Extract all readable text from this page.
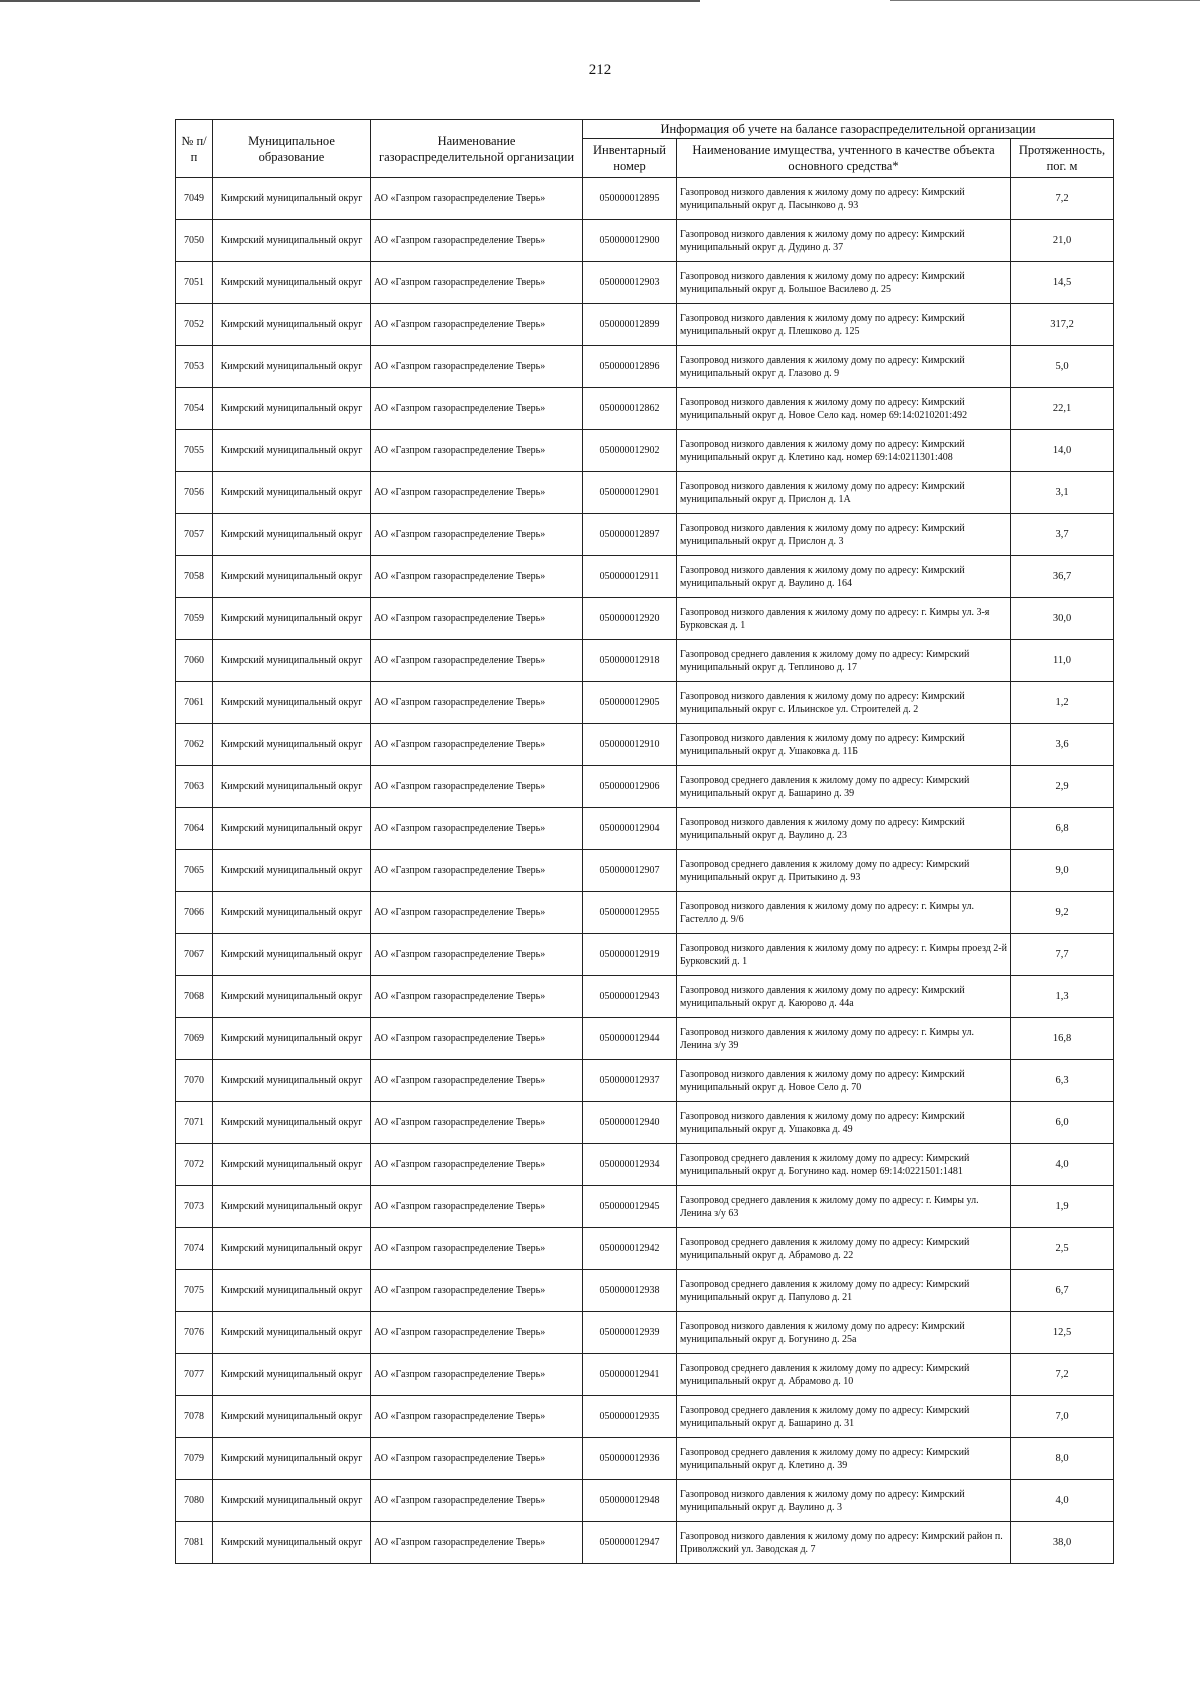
212
№ п/п	Муниципальное образование	Наименование газораспределительной организации	Информация об учете на балансе газораспределительной организации		
			Инвентарный номер	Наименование имущества, учтенного в качестве объекта основного средства*	Протяженность, пог. м
7049	Кимрский муниципальный округ	АО «Газпром газораспределение Тверь»	050000012895	Газопровод низкого давления к жилому дому по адресу: Кимрский муниципальный округ д. Пасынково д. 93	7,2
7050	Кимрский муниципальный округ	АО «Газпром газораспределение Тверь»	050000012900	Газопровод низкого давления к жилому дому по адресу: Кимрский муниципальный округ д. Дудино д. 37	21,0
7051	Кимрский муниципальный округ	АО «Газпром газораспределение Тверь»	050000012903	Газопровод низкого давления к жилому дому по адресу: Кимрский муниципальный округ д. Большое Василево д. 25	14,5
7052	Кимрский муниципальный округ	АО «Газпром газораспределение Тверь»	050000012899	Газопровод низкого давления к жилому дому по адресу: Кимрский муниципальный округ д. Плешково д. 125	317,2
7053	Кимрский муниципальный округ	АО «Газпром газораспределение Тверь»	050000012896	Газопровод низкого давления к жилому дому по адресу: Кимрский муниципальный округ д. Глазово д. 9	5,0
7054	Кимрский муниципальный округ	АО «Газпром газораспределение Тверь»	050000012862	Газопровод низкого давления к жилому дому по адресу: Кимрский муниципальный округ д. Новое Село кад. номер 69:14:0210201:492	22,1
7055	Кимрский муниципальный округ	АО «Газпром газораспределение Тверь»	050000012902	Газопровод низкого давления к жилому дому по адресу: Кимрский муниципальный округ д. Клетино кад. номер 69:14:0211301:408	14,0
7056	Кимрский муниципальный округ	АО «Газпром газораспределение Тверь»	050000012901	Газопровод низкого давления к жилому дому по адресу: Кимрский муниципальный округ д. Прислон д. 1А	3,1
7057	Кимрский муниципальный округ	АО «Газпром газораспределение Тверь»	050000012897	Газопровод низкого давления к жилому дому по адресу: Кимрский муниципальный округ д. Прислон д. 3	3,7
7058	Кимрский муниципальный округ	АО «Газпром газораспределение Тверь»	050000012911	Газопровод низкого давления к жилому дому по адресу: Кимрский муниципальный округ д. Ваулино д. 164	36,7
7059	Кимрский муниципальный округ	АО «Газпром газораспределение Тверь»	050000012920	Газопровод низкого давления к жилому дому по адресу: г. Кимры ул. 3-я Бурковская д. 1	30,0
7060	Кимрский муниципальный округ	АО «Газпром газораспределение Тверь»	050000012918	Газопровод среднего давления к жилому дому по адресу: Кимрский муниципальный округ д. Теплиново д. 17	11,0
7061	Кимрский муниципальный округ	АО «Газпром газораспределение Тверь»	050000012905	Газопровод низкого давления к жилому дому по адресу: Кимрский муниципальный округ с. Ильинское ул. Строителей д. 2	1,2
7062	Кимрский муниципальный округ	АО «Газпром газораспределение Тверь»	050000012910	Газопровод низкого давления к жилому дому по адресу: Кимрский муниципальный округ д. Ушаковка д. 11Б	3,6
7063	Кимрский муниципальный округ	АО «Газпром газораспределение Тверь»	050000012906	Газопровод среднего давления к жилому дому по адресу: Кимрский муниципальный округ д. Башарино д. 39	2,9
7064	Кимрский муниципальный округ	АО «Газпром газораспределение Тверь»	050000012904	Газопровод низкого давления к жилому дому по адресу: Кимрский муниципальный округ д. Ваулино д. 23	6,8
7065	Кимрский муниципальный округ	АО «Газпром газораспределение Тверь»	050000012907	Газопровод среднего давления к жилому дому по адресу: Кимрский муниципальный округ д. Притыкино д. 93	9,0
7066	Кимрский муниципальный округ	АО «Газпром газораспределение Тверь»	050000012955	Газопровод низкого давления к жилому дому по адресу: г. Кимры ул. Гастелло д. 9/6	9,2
7067	Кимрский муниципальный округ	АО «Газпром газораспределение Тверь»	050000012919	Газопровод низкого давления к жилому дому по адресу: г. Кимры проезд 2-й Бурковский д. 1	7,7
7068	Кимрский муниципальный округ	АО «Газпром газораспределение Тверь»	050000012943	Газопровод низкого давления к жилому дому по адресу: Кимрский муниципальный округ д. Каюрово д. 44а	1,3
7069	Кимрский муниципальный округ	АО «Газпром газораспределение Тверь»	050000012944	Газопровод низкого давления к жилому дому по адресу: г. Кимры ул. Ленина з/у 39	16,8
7070	Кимрский муниципальный округ	АО «Газпром газораспределение Тверь»	050000012937	Газопровод низкого давления к жилому дому по адресу: Кимрский муниципальный округ д. Новое Село д. 70	6,3
7071	Кимрский муниципальный округ	АО «Газпром газораспределение Тверь»	050000012940	Газопровод низкого давления к жилому дому по адресу: Кимрский муниципальный округ д. Ушаковка д. 49	6,0
7072	Кимрский муниципальный округ	АО «Газпром газораспределение Тверь»	050000012934	Газопровод среднего давления к жилому дому по адресу: Кимрский муниципальный округ д. Богунино кад. номер 69:14:0221501:1481	4,0
7073	Кимрский муниципальный округ	АО «Газпром газораспределение Тверь»	050000012945	Газопровод среднего давления к жилому дому по адресу: г. Кимры ул. Ленина з/у 63	1,9
7074	Кимрский муниципальный округ	АО «Газпром газораспределение Тверь»	050000012942	Газопровод среднего давления к жилому дому по адресу: Кимрский муниципальный округ д. Абрамово д. 22	2,5
7075	Кимрский муниципальный округ	АО «Газпром газораспределение Тверь»	050000012938	Газопровод среднего давления к жилому дому по адресу: Кимрский муниципальный округ д. Папулово д. 21	6,7
7076	Кимрский муниципальный округ	АО «Газпром газораспределение Тверь»	050000012939	Газопровод низкого давления к жилому дому по адресу: Кимрский муниципальный округ д. Богунино д. 25а	12,5
7077	Кимрский муниципальный округ	АО «Газпром газораспределение Тверь»	050000012941	Газопровод среднего давления к жилому дому по адресу: Кимрский муниципальный округ д. Абрамово д. 10	7,2
7078	Кимрский муниципальный округ	АО «Газпром газораспределение Тверь»	050000012935	Газопровод среднего давления к жилому дому по адресу: Кимрский муниципальный округ д. Башарино д. 31	7,0
7079	Кимрский муниципальный округ	АО «Газпром газораспределение Тверь»	050000012936	Газопровод среднего давления к жилому дому по адресу: Кимрский муниципальный округ д. Клетино д. 39	8,0
7080	Кимрский муниципальный округ	АО «Газпром газораспределение Тверь»	050000012948	Газопровод низкого давления к жилому дому по адресу: Кимрский муниципальный округ д. Ваулино д. 3	4,0
7081	Кимрский муниципальный округ	АО «Газпром газораспределение Тверь»	050000012947	Газопровод низкого давления к жилому дому по адресу: Кимрский район п. Приволжский ул. Заводская д. 7	38,0
